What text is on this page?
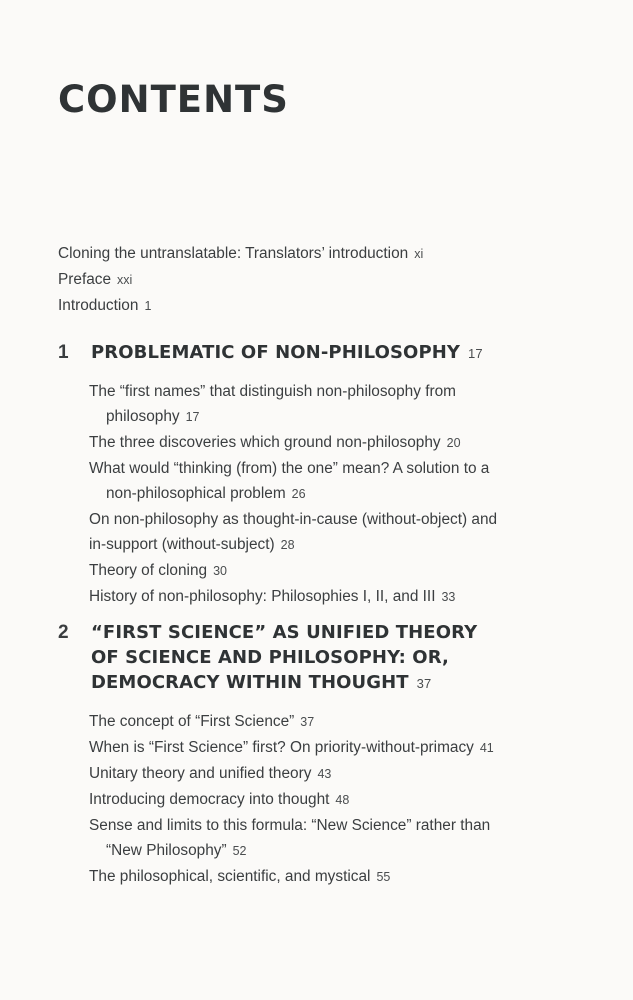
CONTENTS
Cloning the untranslatable: Translators’ introduction xi
Preface xxi
Introduction 1
1 PROBLEMATIC OF NON-PHILOSOPHY 17
The “first names” that distinguish non-philosophy from
philosophy 17
The three discoveries which ground non-philosophy 20
What would “thinking (from) the one” mean? A solution to a
non-philosophical problem 26
On non-philosophy as thought-in-cause (without-object) and
in-support (without-subject) 28
Theory of cloning 30
History of non-philosophy: Philosophies I, II, and III 33
2 “FIRST SCIENCE” AS UNIFIED THEORY
OF SCIENCE AND PHILOSOPHY: OR,
DEMOCRACY WITHIN THOUGHT 37
The concept of “First Science” 37
When is “First Science” first? On priority-without-primacy 41
Unitary theory and unified theory 43
Introducing democracy into thought 48
Sense and limits to this formula: “New Science” rather than
“New Philosophy” 52
The philosophical, scientific, and mystical 55
